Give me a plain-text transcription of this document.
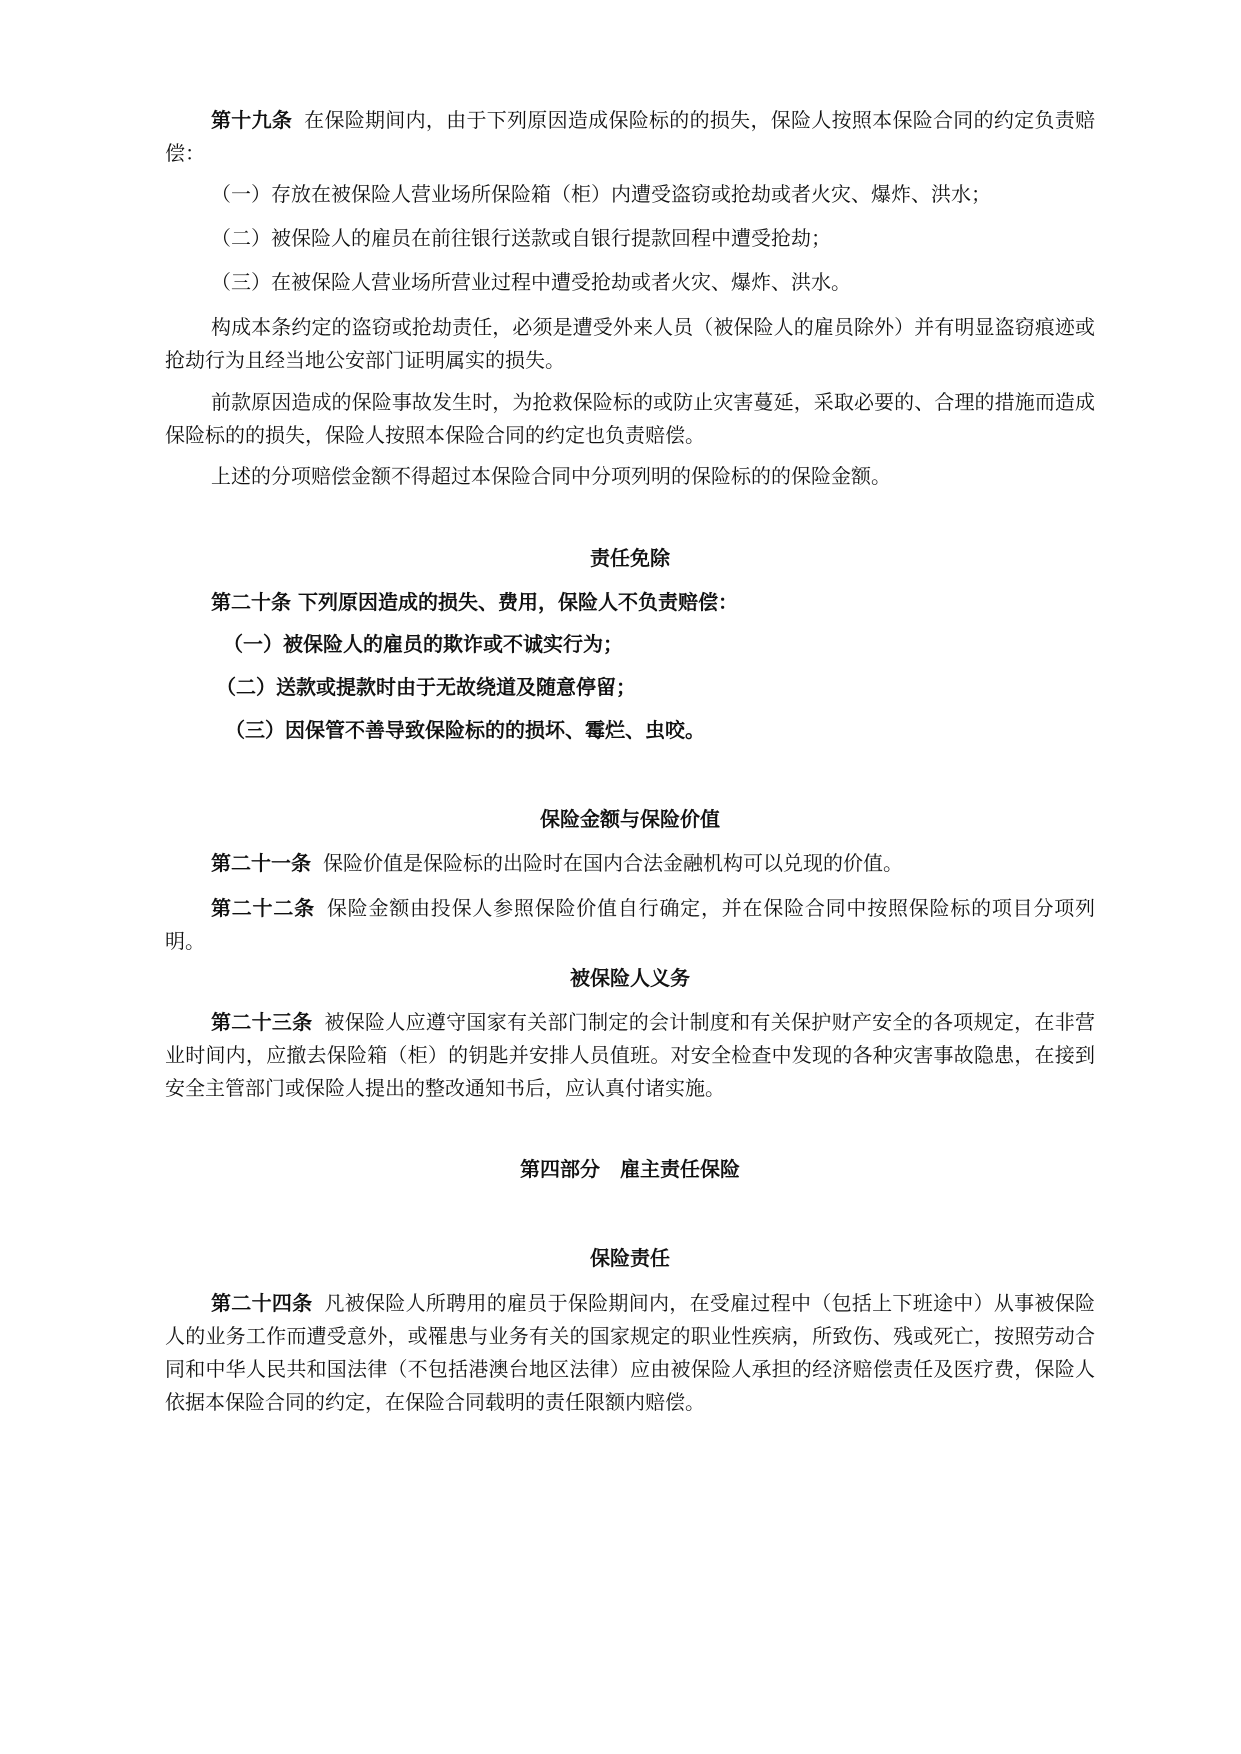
第十九条 在保险期间内，由于下列原因造成保险标的的损失，保险人按照本保险合同的约定负责赔偿：

（一）存放在被保险人营业场所保险箱（柜）内遭受盗窃或抢劫或者火灾、爆炸、洪水；

（二）被保险人的雇员在前往银行送款或自银行提款回程中遭受抢劫；

（三）在被保险人营业场所营业过程中遭受抢劫或者火灾、爆炸、洪水。

构成本条约定的盗窃或抢劫责任，必须是遭受外来人员（被保险人的雇员除外）并有明显盗窃痕迹或抢劫行为且经当地公安部门证明属实的损失。

前款原因造成的保险事故发生时，为抢救保险标的或防止灾害蔓延，采取必要的、合理的措施而造成保险标的的损失，保险人按照本保险合同的约定也负责赔偿。

上述的分项赔偿金额不得超过本保险合同中分项列明的保险标的的保险金额。

责任免除

第二十条 下列原因造成的损失、费用，保险人不负责赔偿：

（一）被保险人的雇员的欺诈或不诚实行为；

（二）送款或提款时由于无故绕道及随意停留；

（三）因保管不善导致保险标的的损坏、霉烂、虫咬。

保险金额与保险价值

第二十一条 保险价值是保险标的出险时在国内合法金融机构可以兑现的价值。

第二十二条 保险金额由投保人参照保险价值自行确定，并在保险合同中按照保险标的项目分项列明。

被保险人义务

第二十三条 被保险人应遵守国家有关部门制定的会计制度和有关保护财产安全的各项规定，在非营业时间内，应撤去保险箱（柜）的钥匙并安排人员值班。对安全检查中发现的各种灾害事故隐患，在接到安全主管部门或保险人提出的整改通知书后，应认真付诸实施。

第四部分　雇主责任保险
保险责任

第二十四条 凡被保险人所聘用的雇员于保险期间内，在受雇过程中（包括上下班途中）从事被保险人的业务工作而遭受意外，或罹患与业务有关的国家规定的职业性疾病，所致伤、残或死亡，按照劳动合同和中华人民共和国法律（不包括港澳台地区法律）应由被保险人承担的经济赔偿责任及医疗费，保险人依据本保险合同的约定，在保险合同载明的责任限额内赔偿。
